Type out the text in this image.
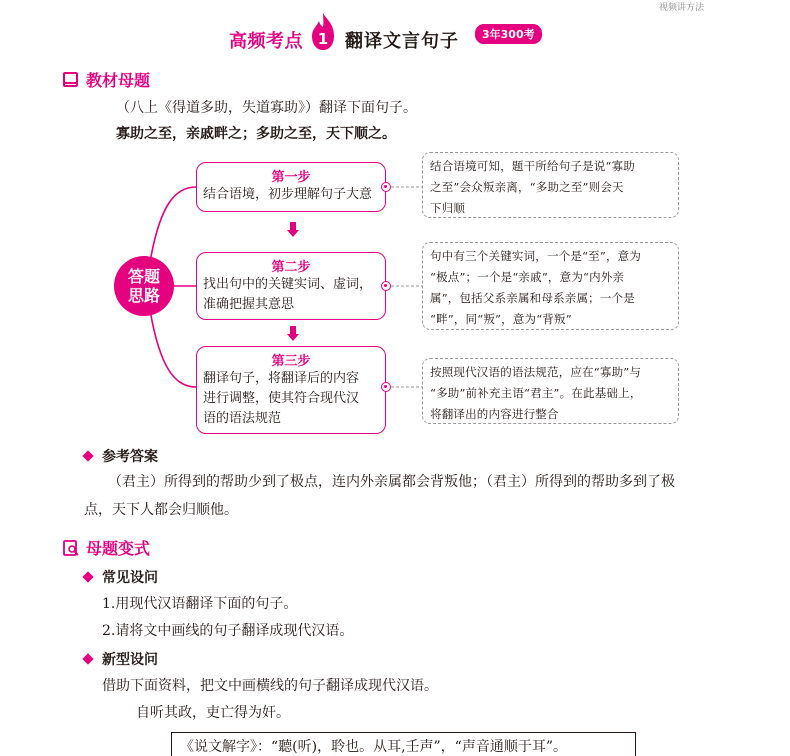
视频讲方法
高频考点 1 翻译文言句子	3年300考
教材母题
（八上《得道多助，失道寡助》）翻译下面句子。
寡助之至，亲戚畔之；多助之至，天下顺之。
答题
思路
第一步
结合语境，初步理解句子大意
结合语境可知，题干所给句子是说“寡助
之至”会众叛亲离，“多助之至”则会天
下归顺
第二步
找出句中的关键实词、虚词，
准确把握其意思
句中有三个关键实词，一个是“至”，意为
“极点”；一个是“亲戚”，意为“内外亲
属”，包括父系亲属和母系亲属；一个是
“畔”，同“叛”，意为“背叛”
第三步
翻译句子，将翻译后的内容
进行调整，使其符合现代汉
语的语法规范
按照现代汉语的语法规范，应在“寡助”与
“多助”前补充主语“君主”。在此基础上，
将翻译出的内容进行整合
参考答案
（君主）所得到的帮助少到了极点，连内外亲属都会背叛他；（君主）所得到的帮助多到了极
点，天下人都会归顺他。
母题变式
常见设问
1.用现代汉语翻译下面的句子。
2.请将文中画线的句子翻译成现代汉语。
新型设问
借助下面资料，把文中画横线的句子翻译成现代汉语。
自听其政，吏亡得为奸。
《说文解字》：“聽(听)，聆也。从耳,壬声”，“声音通顺于耳”。
